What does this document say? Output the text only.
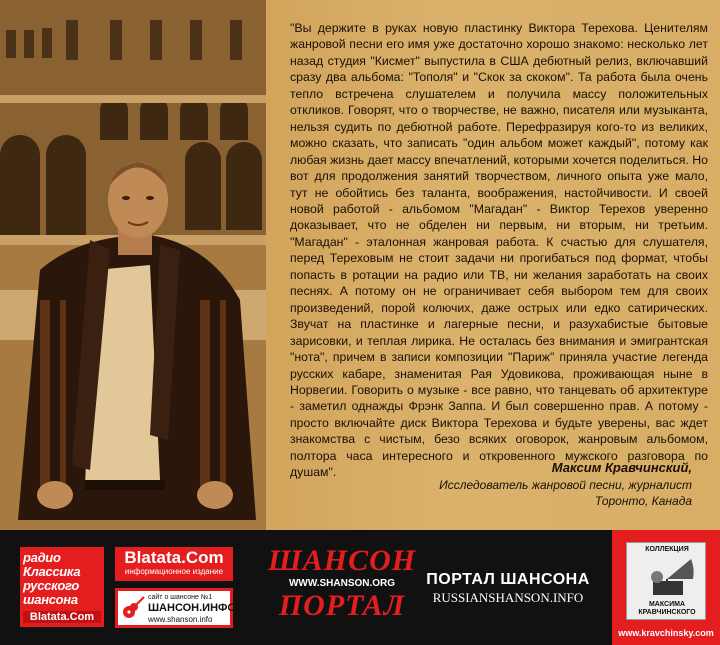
"Вы держите в руках новую пластинку Виктора Терехова. Ценителям жанровой песни его имя уже достаточно хорошо знакомо: несколько лет назад студия "Кисмет" выпустила в США дебютный релиз, включавший сразу два альбома: "Тополя" и "Скок за скоком". Та работа была очень тепло встречена слушателем и получила массу положительных откликов. Говорят, что о творчестве, не важно, писателя или музыканта, нельзя судить по дебютной работе. Перефразируя кого-то из великих, можно сказать, что записать "один альбом может каждый", потому как любая жизнь дает массу впечатлений, которыми хочется поделиться. Но вот для продолжения занятий творчеством, личного опыта уже мало, тут не обойтись без таланта, воображения, настойчивости. И своей новой работой - альбомом "Магадан" - Виктор Терехов уверенно доказывает, что не обделен ни первым, ни вторым, ни третьим. "Магадан" - эталонная жанровая работа. К счастью для слушателя, перед Тереховым не стоит задачи ни прогибаться под формат, чтобы попасть в ротации на радио или ТВ, ни желания заработать на своих песнях. А потому он не ограничивает себя выбором тем для своих произведений, порой колючих, даже острых или едко сатирических. Звучат на пластинке и лагерные песни, и разухабистые бытовые зарисовки, и теплая лирика. Не осталась без внимания и эмигрантская "нота", причем в записи композиции "Париж" приняла участие легенда русских кабаре, знаменитая Рая Удовикова, проживающая ныне в Норвегии. Говорить о музыке - все равно, что танцевать об архитектуре - заметил однажды Фрэнк Заппа. И был совершенно прав. А потому - просто включайте диск Виктора Терехова и будьте уверены, вас ждет знакомства с чистым, безо всяких оговорок, жанровым альбомом, полтора часа интересного и откровенного мужского разговора по душам".	Максим Кравчинский,
Исследователь жанровой песни, журналист
Торонто, Канада
радио
Классика
русского
шансона
Blatata.Com
Blatata.Com
информационное издание
сайт о шансоне №1
ШАНСОН.ИНФО
www.shanson.info
ШАНСОН
WWW.SHANSON.ORG
ПОРТАЛ
ПОРТАЛ ШАНСОНА
RUSSIANSHANSON.INFO
КОЛЛЕКЦИЯ
МАКСИМА КРАВЧИНСКОГО
www.kravchinsky.com
